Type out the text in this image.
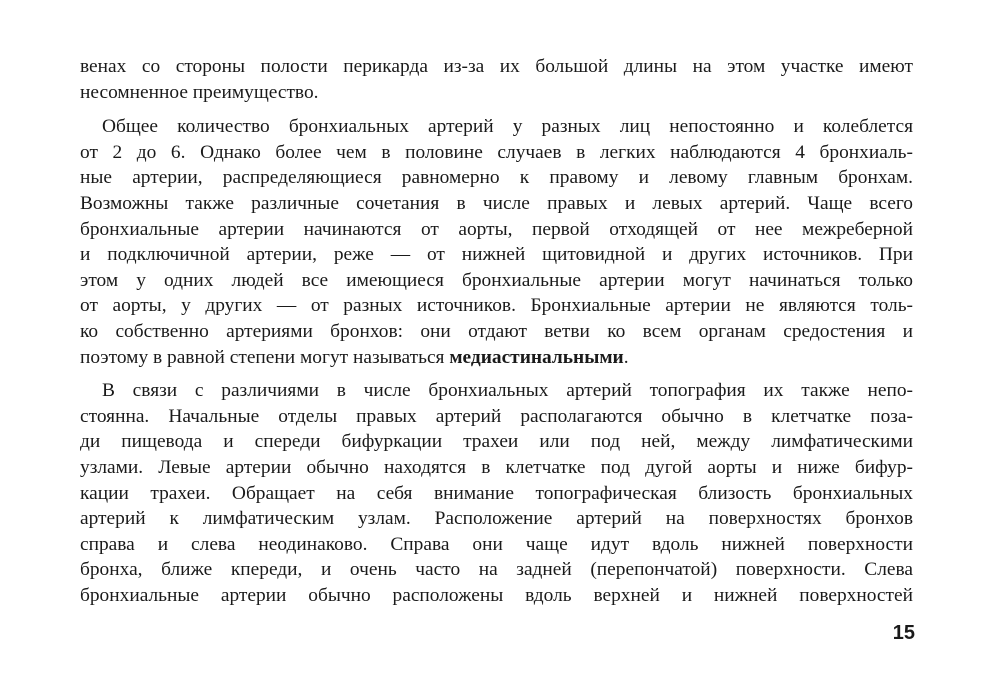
венах со стороны полости перикарда из-за их большой длины на этом участке имеют
несомненное преимущество.
Общее количество бронхиальных артерий у разных лиц непостоянно и колеблется
от 2 до 6. Однако более чем в половине случаев в легких наблюдаются 4 бронхиаль-
ные артерии, распределяющиеся равномерно к правому и левому главным бронхам.
Возможны также различные сочетания в числе правых и левых артерий. Чаще всего
бронхиальные артерии начинаются от аорты, первой отходящей от нее межреберной
и подключичной артерии, реже — от нижней щитовидной и других источников. При
этом у одних людей все имеющиеся бронхиальные артерии могут начинаться только
от аорты, у других — от разных источников. Бронхиальные артерии не являются толь-
ко собственно артериями бронхов: они отдают ветви ко всем органам средостения и
поэтому в равной степени могут называться медиастинальными.
В связи с различиями в числе бронхиальных артерий топография их также непо-
стоянна. Начальные отделы правых артерий располагаются обычно в клетчатке поза-
ди пищевода и спереди бифуркации трахеи или под ней, между лимфатическими
узлами. Левые артерии обычно находятся в клетчатке под дугой аорты и ниже бифур-
кации трахеи. Обращает на себя внимание топографическая близость бронхиальных
артерий к лимфатическим узлам. Расположение артерий на поверхностях бронхов
справа и слева неодинаково. Справа они чаще идут вдоль нижней поверхности
бронха, ближе кпереди, и очень часто на задней (перепончатой) поверхности. Слева
бронхиальные артерии обычно расположены вдоль верхней и нижней поверхностей
15
